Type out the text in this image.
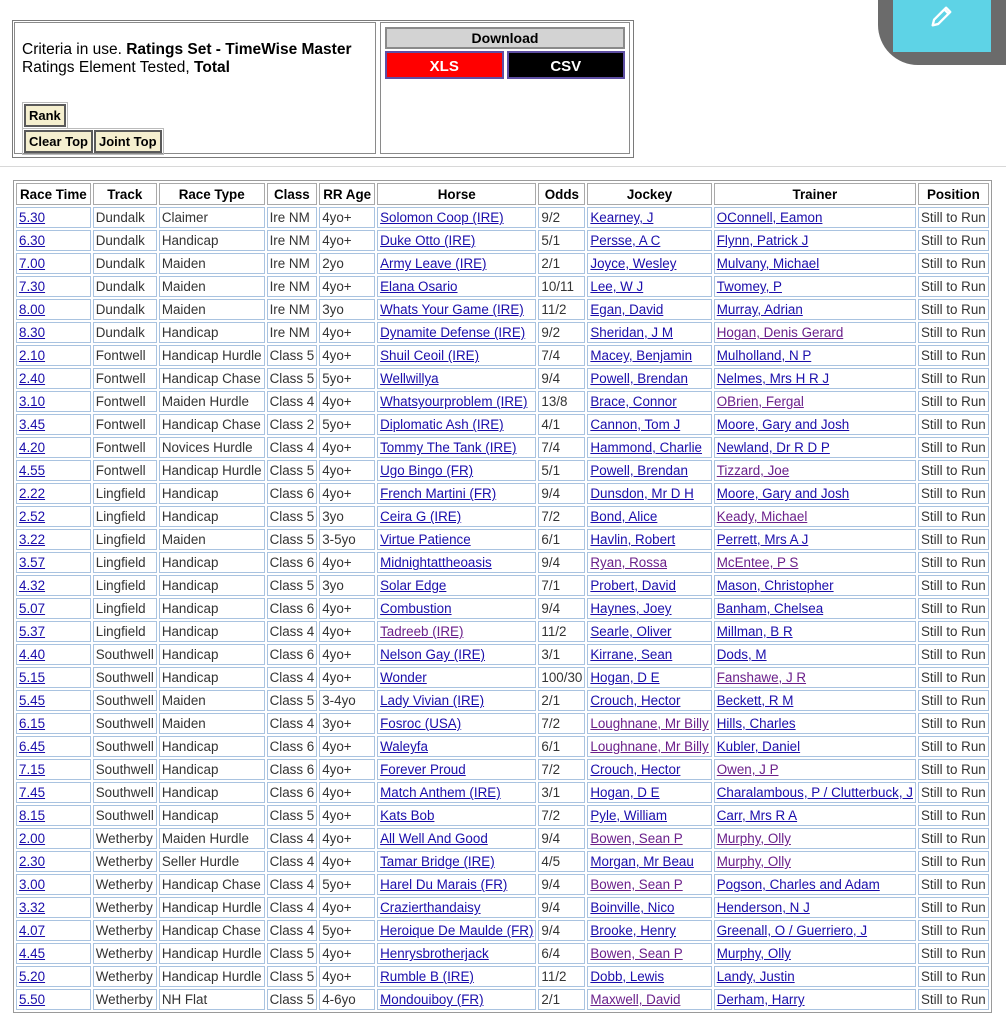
Criteria in use. Ratings Set - TimeWise Master
Ratings Element Tested, Total
Rank
Clear Top Joint Top
Download
XLS	CSV
Race Time	Track	Race Type	Class	RR Age	Horse	Odds	Jockey	Trainer	Position
5.30	Dundalk	Claimer	Ire NM	4yo+	Solomon Coop (IRE)	9/2	Kearney, J	OConnell, Eamon	Still to Run
6.30	Dundalk	Handicap	Ire NM	4yo+	Duke Otto (IRE)	5/1	Persse, A C	Flynn, Patrick J	Still to Run
7.00	Dundalk	Maiden	Ire NM	2yo	Army Leave (IRE)	2/1	Joyce, Wesley	Mulvany, Michael	Still to Run
7.30	Dundalk	Maiden	Ire NM	4yo+	Elana Osario	10/11	Lee, W J	Twomey, P	Still to Run
8.00	Dundalk	Maiden	Ire NM	3yo	Whats Your Game (IRE)	11/2	Egan, David	Murray, Adrian	Still to Run
8.30	Dundalk	Handicap	Ire NM	4yo+	Dynamite Defense (IRE)	9/2	Sheridan, J M	Hogan, Denis Gerard	Still to Run
2.10	Fontwell	Handicap Hurdle	Class 5	4yo+	Shuil Ceoil (IRE)	7/4	Macey, Benjamin	Mulholland, N P	Still to Run
2.40	Fontwell	Handicap Chase	Class 5	5yo+	Wellwillya	9/4	Powell, Brendan	Nelmes, Mrs H R J	Still to Run
3.10	Fontwell	Maiden Hurdle	Class 4	4yo+	Whatsyourproblem (IRE)	13/8	Brace, Connor	OBrien, Fergal	Still to Run
3.45	Fontwell	Handicap Chase	Class 2	5yo+	Diplomatic Ash (IRE)	4/1	Cannon, Tom J	Moore, Gary and Josh	Still to Run
4.20	Fontwell	Novices Hurdle	Class 4	4yo+	Tommy The Tank (IRE)	7/4	Hammond, Charlie	Newland, Dr R D P	Still to Run
4.55	Fontwell	Handicap Hurdle	Class 5	4yo+	Ugo Bingo (FR)	5/1	Powell, Brendan	Tizzard, Joe	Still to Run
2.22	Lingfield	Handicap	Class 6	4yo+	French Martini (FR)	9/4	Dunsdon, Mr D H	Moore, Gary and Josh	Still to Run
2.52	Lingfield	Handicap	Class 5	3yo	Ceira G (IRE)	7/2	Bond, Alice	Keady, Michael	Still to Run
3.22	Lingfield	Maiden	Class 5	3-5yo	Virtue Patience	6/1	Havlin, Robert	Perrett, Mrs A J	Still to Run
3.57	Lingfield	Handicap	Class 6	4yo+	Midnightattheoasis	9/4	Ryan, Rossa	McEntee, P S	Still to Run
4.32	Lingfield	Handicap	Class 5	3yo	Solar Edge	7/1	Probert, David	Mason, Christopher	Still to Run
5.07	Lingfield	Handicap	Class 6	4yo+	Combustion	9/4	Haynes, Joey	Banham, Chelsea	Still to Run
5.37	Lingfield	Handicap	Class 4	4yo+	Tadreeb (IRE)	11/2	Searle, Oliver	Millman, B R	Still to Run
4.40	Southwell	Handicap	Class 6	4yo+	Nelson Gay (IRE)	3/1	Kirrane, Sean	Dods, M	Still to Run
5.15	Southwell	Handicap	Class 4	4yo+	Wonder	100/30	Hogan, D E	Fanshawe, J R	Still to Run
5.45	Southwell	Maiden	Class 5	3-4yo	Lady Vivian (IRE)	2/1	Crouch, Hector	Beckett, R M	Still to Run
6.15	Southwell	Maiden	Class 4	3yo+	Fosroc (USA)	7/2	Loughnane, Mr Billy	Hills, Charles	Still to Run
6.45	Southwell	Handicap	Class 6	4yo+	Waleyfa	6/1	Loughnane, Mr Billy	Kubler, Daniel	Still to Run
7.15	Southwell	Handicap	Class 6	4yo+	Forever Proud	7/2	Crouch, Hector	Owen, J P	Still to Run
7.45	Southwell	Handicap	Class 6	4yo+	Match Anthem (IRE)	3/1	Hogan, D E	Charalambous, P / Clutterbuck, J	Still to Run
8.15	Southwell	Handicap	Class 5	4yo+	Kats Bob	7/2	Pyle, William	Carr, Mrs R A	Still to Run
2.00	Wetherby	Maiden Hurdle	Class 4	4yo+	All Well And Good	9/4	Bowen, Sean P	Murphy, Olly	Still to Run
2.30	Wetherby	Seller Hurdle	Class 4	4yo+	Tamar Bridge (IRE)	4/5	Morgan, Mr Beau	Murphy, Olly	Still to Run
3.00	Wetherby	Handicap Chase	Class 4	5yo+	Harel Du Marais (FR)	9/4	Bowen, Sean P	Pogson, Charles and Adam	Still to Run
3.32	Wetherby	Handicap Hurdle	Class 4	4yo+	Crazierthandaisy	9/4	Boinville, Nico	Henderson, N J	Still to Run
4.07	Wetherby	Handicap Chase	Class 4	5yo+	Heroique De Maulde (FR)	9/4	Brooke, Henry	Greenall, O / Guerriero, J	Still to Run
4.45	Wetherby	Handicap Hurdle	Class 5	4yo+	Henrysbrotherjack	6/4	Bowen, Sean P	Murphy, Olly	Still to Run
5.20	Wetherby	Handicap Hurdle	Class 5	4yo+	Rumble B (IRE)	11/2	Dobb, Lewis	Landy, Justin	Still to Run
5.50	Wetherby	NH Flat	Class 5	4-6yo	Mondouiboy (FR)	2/1	Maxwell, David	Derham, Harry	Still to Run
